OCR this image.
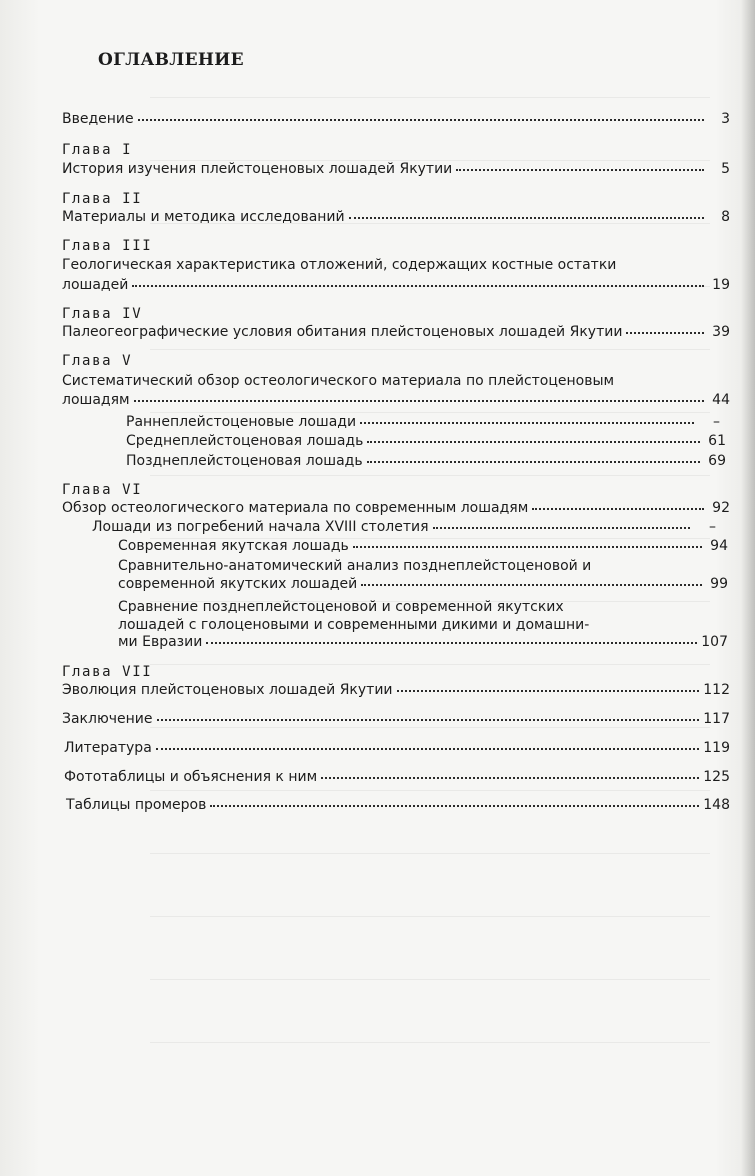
ОГЛАВЛЕНИЕ
Введение	3
Глава I
История изучения плейстоценовых лошадей Якутии	5
Глава II
Материалы и методика исследований	8
Глава III
Геологическая характеристика отложений, содержащих костные остатки
лошадей	19
Глава IV
Палеогеографические условия обитания плейстоценовых лошадей Якутии	39
Глава V
Систематический обзор остеологического материала по плейстоценовым
лошадям	44
Раннеплейстоценовые лошади	–
Среднеплейстоценовая лошадь	61
Позднеплейстоценовая лошадь	69
Глава VI
Обзор остеологического материала по современным лошадям	92
Лошади из погребений начала XVIII столетия	–
Современная якутская лошадь	94
Сравнительно-анатомический анализ позднеплейстоценовой и
современной якутских лошадей	99
Сравнение позднеплейстоценовой и современной якутских
лошадей с голоценовыми и современными дикими и домашни-
ми Евразии	107
Глава VII
Эволюция плейстоценовых лошадей Якутии	112
Заключение	117
Литература	119
Фототаблицы и объяснения к ним	125
Таблицы промеров	148
